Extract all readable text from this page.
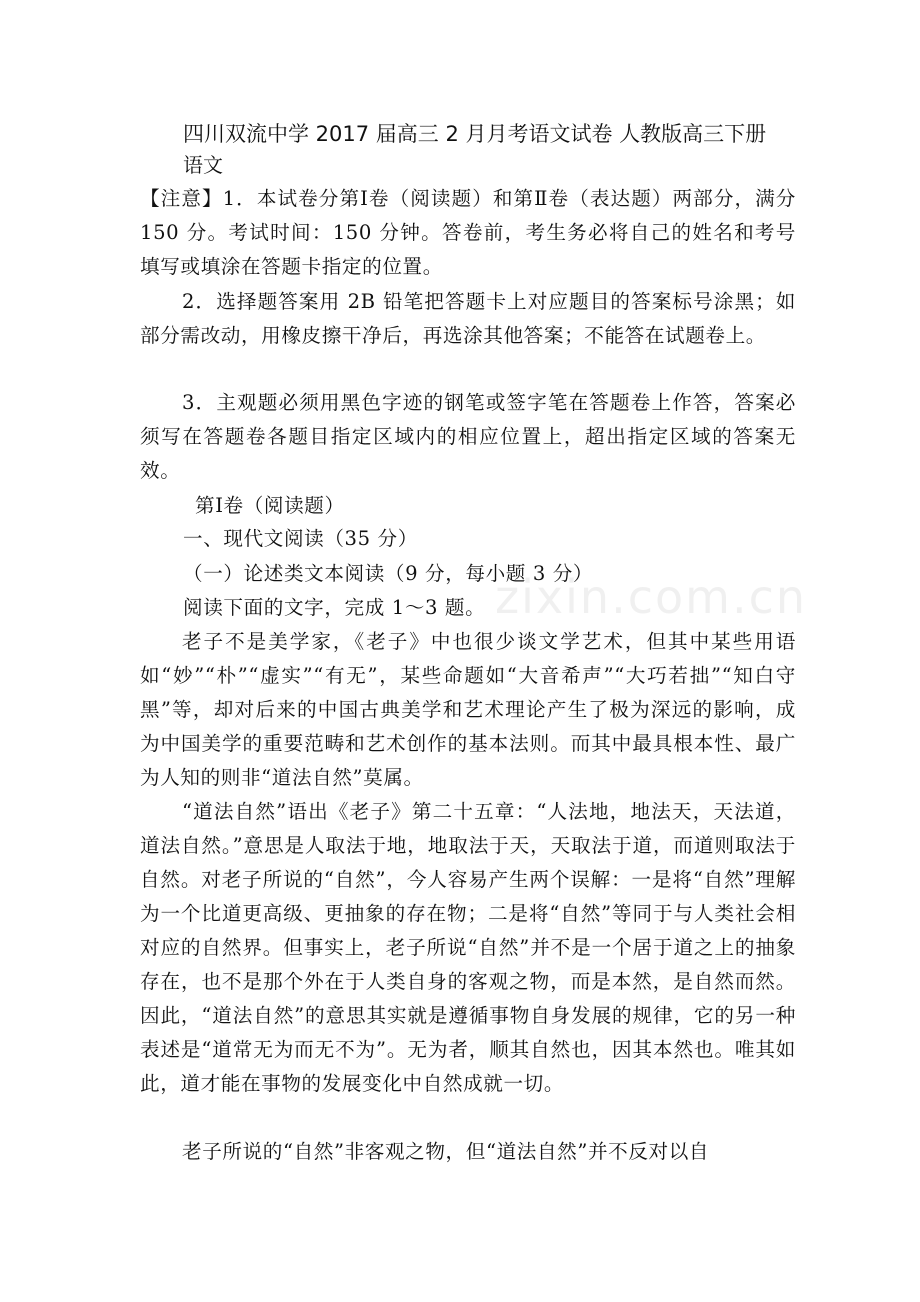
zixin.com.cn
四川双流中学 2017 届高三 2 月月考语文试卷 人教版高三下册
语文
【注意】1．本试卷分第Ⅰ卷（阅读题）和第Ⅱ卷（表达题）两部分，满分 150 分。考试时间：150 分钟。答卷前，考生务必将自己的姓名和考号填写或填涂在答题卡指定的位置。
2．选择题答案用 2B 铅笔把答题卡上对应题目的答案标号涂黑；如部分需改动，用橡皮擦干净后，再选涂其他答案；不能答在试题卷上。
3．主观题必须用黑色字迹的钢笔或签字笔在答题卷上作答，答案必须写在答题卷各题目指定区域内的相应位置上，超出指定区域的答案无效。
第Ⅰ卷（阅读题）
一、现代文阅读（35 分）
（一）论述类文本阅读（9 分，每小题 3 分）
阅读下面的文字，完成 1～3 题。
老子不是美学家，《老子》中也很少谈文学艺术，但其中某些用语如“妙”“朴”“虚实”“有无”，某些命题如“大音希声”“大巧若拙”“知白守黑”等，却对后来的中国古典美学和艺术理论产生了极为深远的影响，成为中国美学的重要范畴和艺术创作的基本法则。而其中最具根本性、最广为人知的则非“道法自然”莫属。
“道法自然”语出《老子》第二十五章：“人法地，地法天，天法道，道法自然。”意思是人取法于地，地取法于天，天取法于道，而道则取法于自然。对老子所说的“自然”，今人容易产生两个误解：一是将“自然”理解为一个比道更高级、更抽象的存在物；二是将“自然”等同于与人类社会相对应的自然界。但事实上，老子所说“自然”并不是一个居于道之上的抽象存在，也不是那个外在于人类自身的客观之物，而是本然，是自然而然。因此，“道法自然”的意思其实就是遵循事物自身发展的规律，它的另一种表述是“道常无为而无不为”。无为者，顺其自然也，因其本然也。唯其如此，道才能在事物的发展变化中自然成就一切。
老子所说的“自然”非客观之物，但“道法自然”并不反对以自
